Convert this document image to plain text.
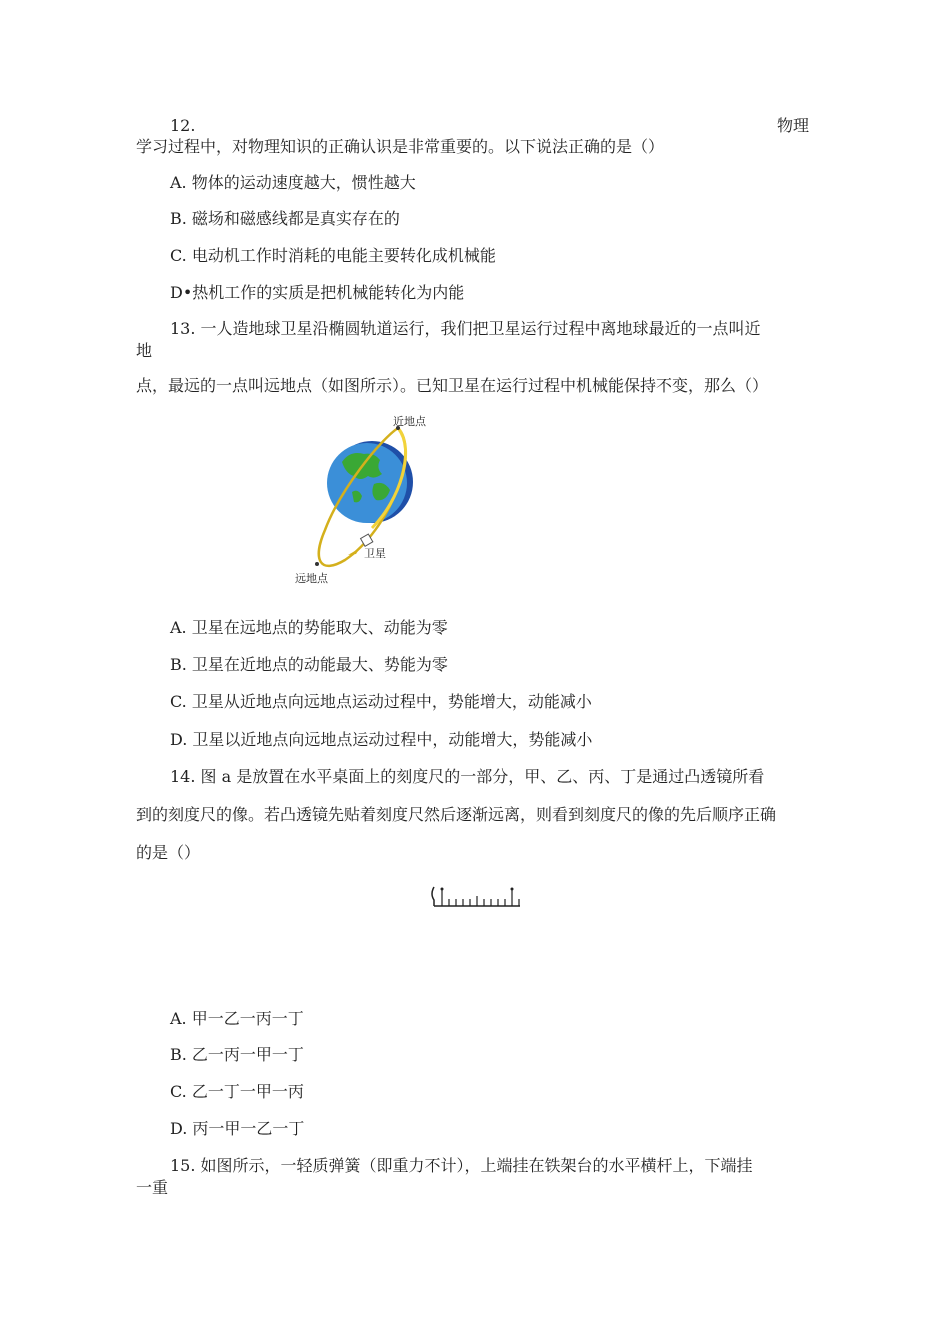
12.	物理
学习过程中，对物理知识的正确认识是非常重要的。以下说法正确的是（）
A. 物体的运动速度越大，惯性越大
B. 磁场和磁感线都是真实存在的
C. 电动机工作时消耗的电能主要转化成机械能
D•热机工作的实质是把机械能转化为内能
13. 一人造地球卫星沿椭圆轨道运行，我们把卫星运行过程中离地球最近的一点叫近
地
点，最远的一点叫远地点（如图所示）。已知卫星在运行过程中机械能保持不变，那么（）
近地点
卫星
远地点
A. 卫星在远地点的势能取大、动能为零
B. 卫星在近地点的动能最大、势能为零
C. 卫星从近地点向远地点运动过程中，势能增大，动能减小
D. 卫星以近地点向远地点运动过程中，动能增大，势能减小
14. 图 a 是放置在水平桌面上的刻度尺的一部分，甲、乙、丙、丁是通过凸透镜所看
到的刻度尺的像。若凸透镜先贴着刻度尺然后逐渐远离，则看到刻度尺的像的先后顺序正确
的是（）
A. 甲一乙一丙一丁
B. 乙一丙一甲一丁
C. 乙一丁一甲一丙
D. 丙一甲一乙一丁
15. 如图所示，一轻质弹簧（即重力不计），上端挂在铁架台的水平横杆上，下端挂
一重
